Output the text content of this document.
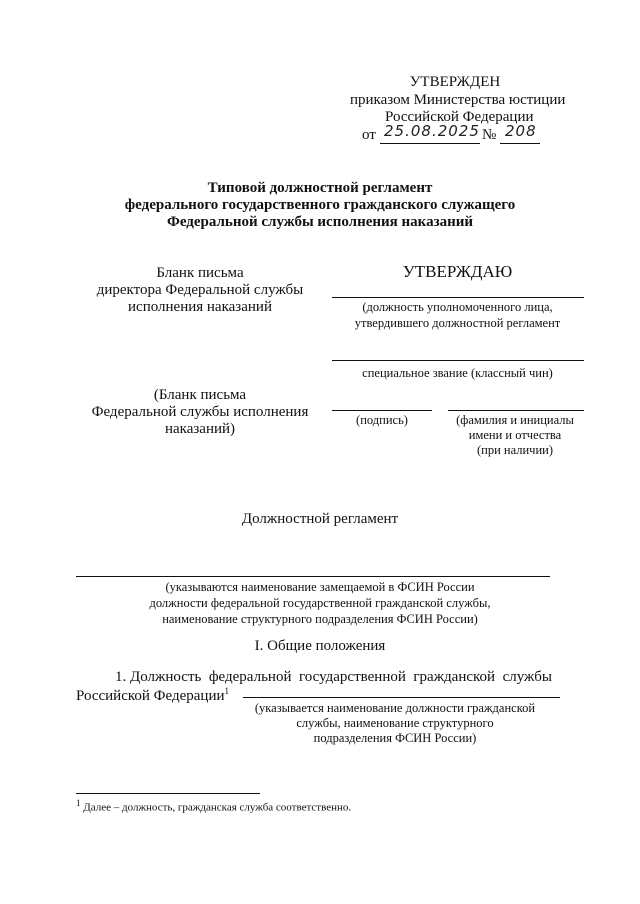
УТВЕРЖДЕН
приказом Министерства юстиции
Российской Федерации
от 25.08.2025 № 208
Типовой должностной регламент
федерального государственного гражданского служащего
Федеральной службы исполнения наказаний
Бланк письма
директора Федеральной службы
исполнения наказаний
УТВЕРЖДАЮ
(должность уполномоченного лица,
утвердившего должностной регламент
специальное звание (классный чин)
(подпись)	(фамилия и инициалы
имени и отчества
(при наличии)
(Бланк письма
Федеральной службы исполнения
наказаний)
Должностной регламент
(указываются наименование замещаемой в ФСИН России
должности федеральной государственной гражданской службы,
наименование структурного подразделения ФСИН России)
I. Общие положения
1. Должность  федеральной  государственной  гражданской  службы
Российской Федерации$^1$
(указывается наименование должности гражданской
службы, наименование структурного
подразделения ФСИН России)
$^1$ Далее – должность, гражданская служба соответственно.
